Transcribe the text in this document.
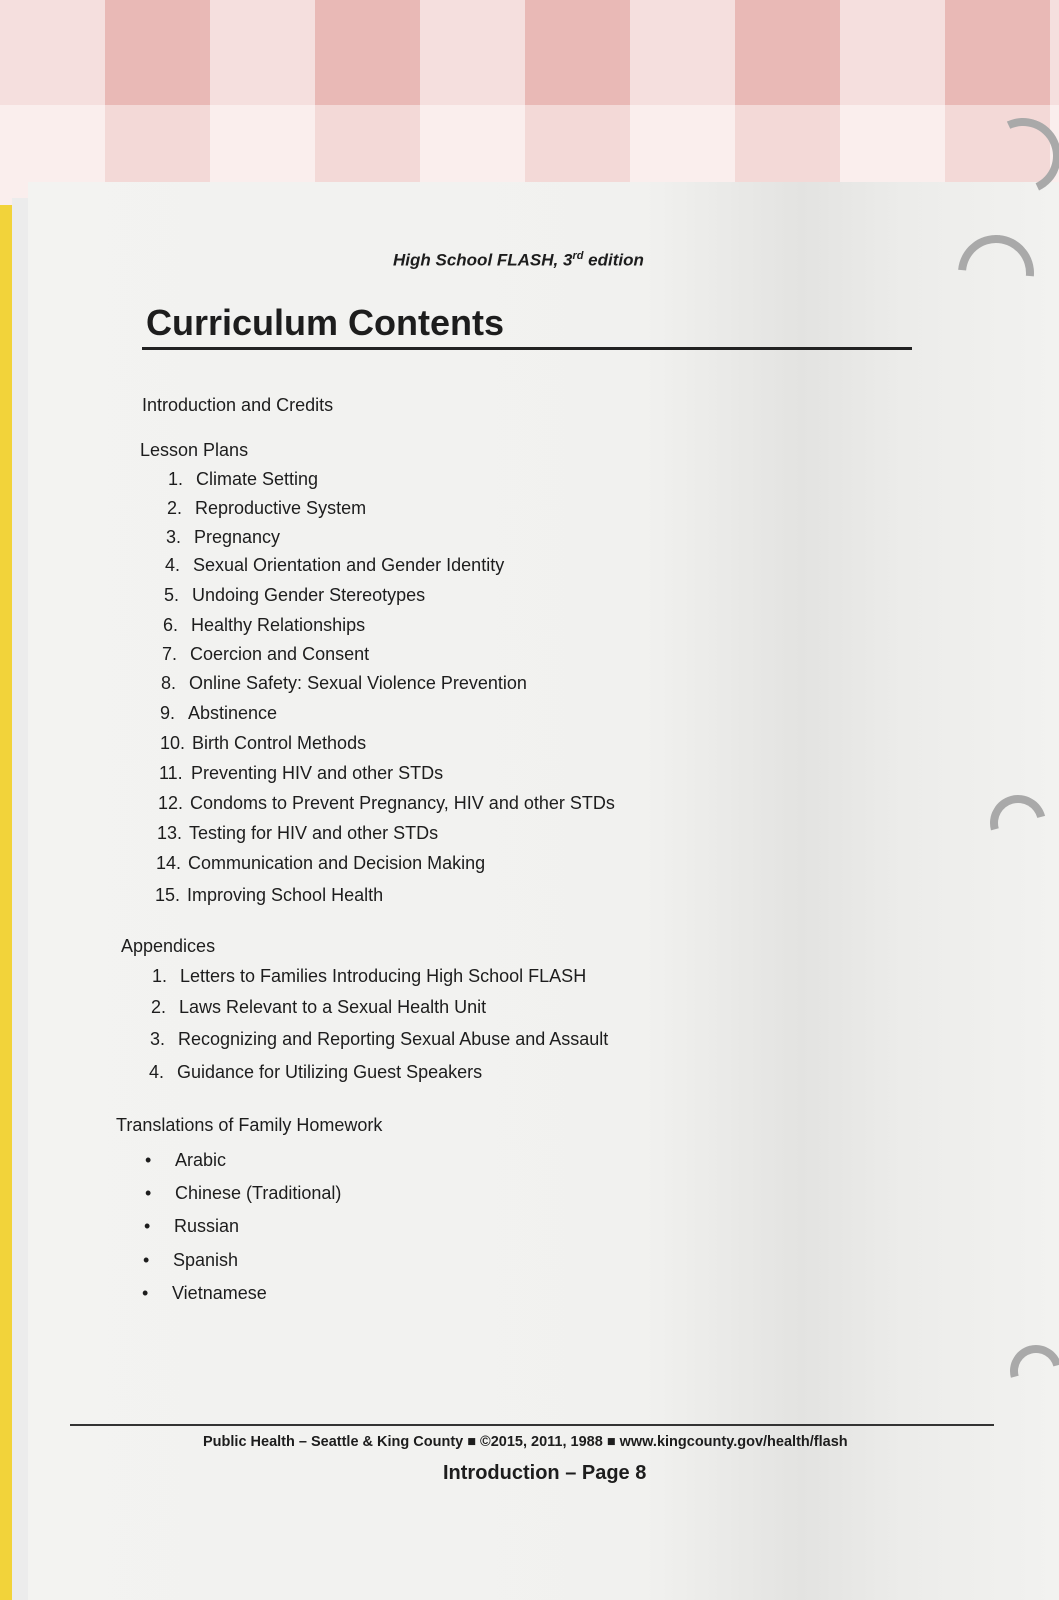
High School FLASH, 3rd edition
Curriculum Contents
Introduction and Credits
Lesson Plans
1. Climate Setting
2. Reproductive System
3. Pregnancy
4. Sexual Orientation and Gender Identity
5. Undoing Gender Stereotypes
6. Healthy Relationships
7. Coercion and Consent
8. Online Safety: Sexual Violence Prevention
9. Abstinence
10. Birth Control Methods
11. Preventing HIV and other STDs
12. Condoms to Prevent Pregnancy, HIV and other STDs
13. Testing for HIV and other STDs
14. Communication and Decision Making
15. Improving School Health
Appendices
1. Letters to Families Introducing High School FLASH
2. Laws Relevant to a Sexual Health Unit
3. Recognizing and Reporting Sexual Abuse and Assault
4. Guidance for Utilizing Guest Speakers
Translations of Family Homework
• Arabic
• Chinese (Traditional)
• Russian
• Spanish
• Vietnamese
Public Health – Seattle & King County ■ ©2015, 2011, 1988 ■ www.kingcounty.gov/health/flash
Introduction – Page 8
